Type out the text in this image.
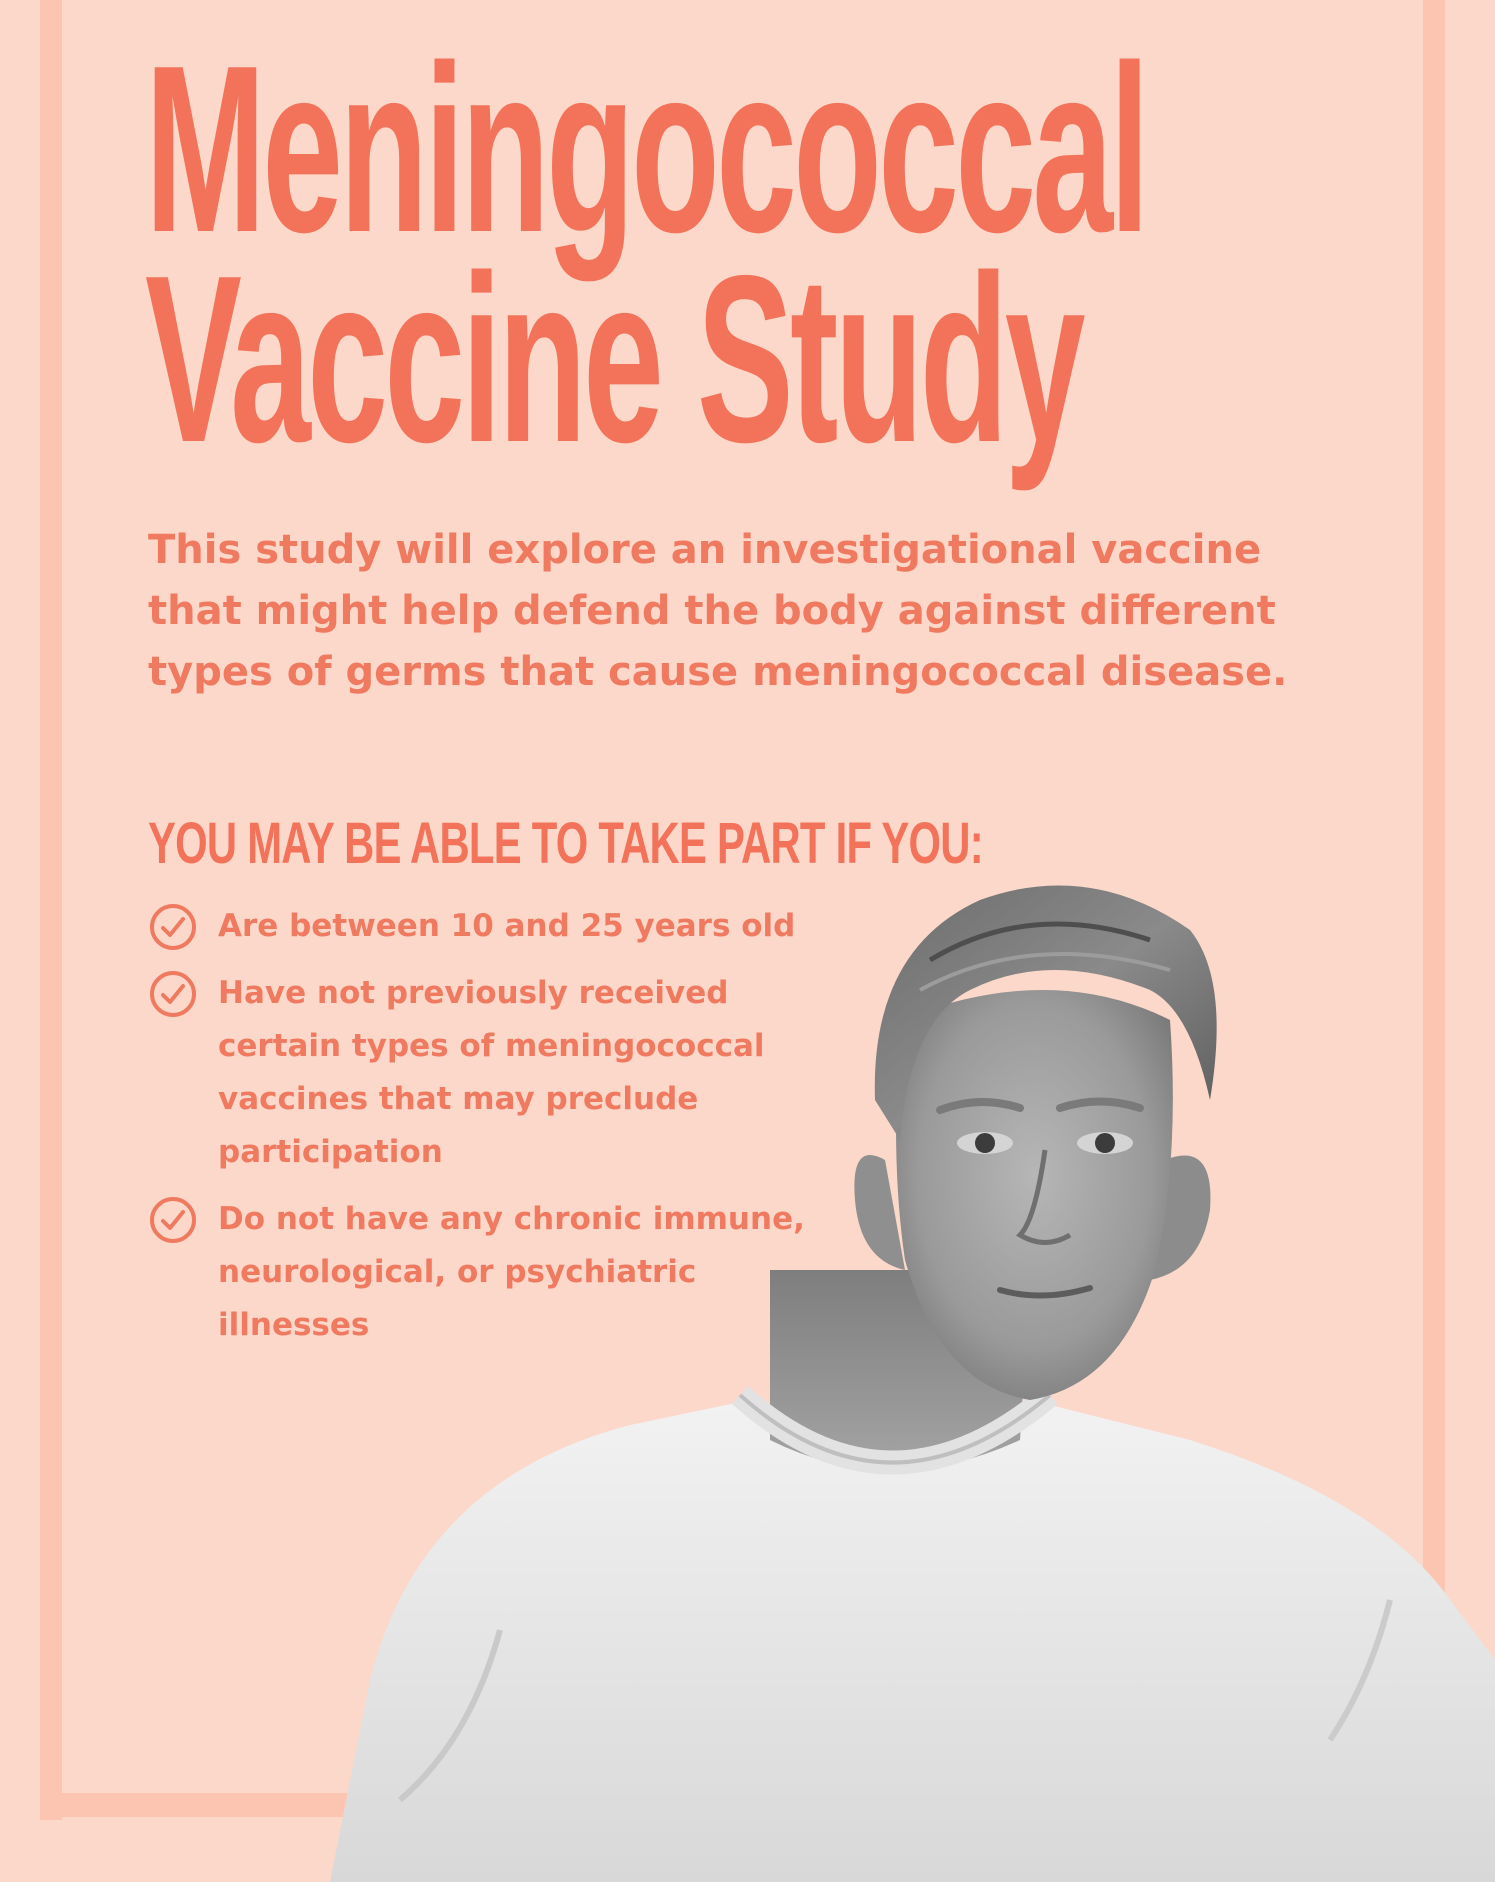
Meningococcal
Vaccine Study

This study will explore an investigational vaccine that might help defend the body against different types of germs that cause meningococcal disease.

YOU MAY BE ABLE TO TAKE PART IF YOU:
Are between 10 and 25 years old
Have not previously received certain types of meningococcal vaccines that may preclude participation
Do not have any chronic immune, neurological, or psychiatric illnesses
